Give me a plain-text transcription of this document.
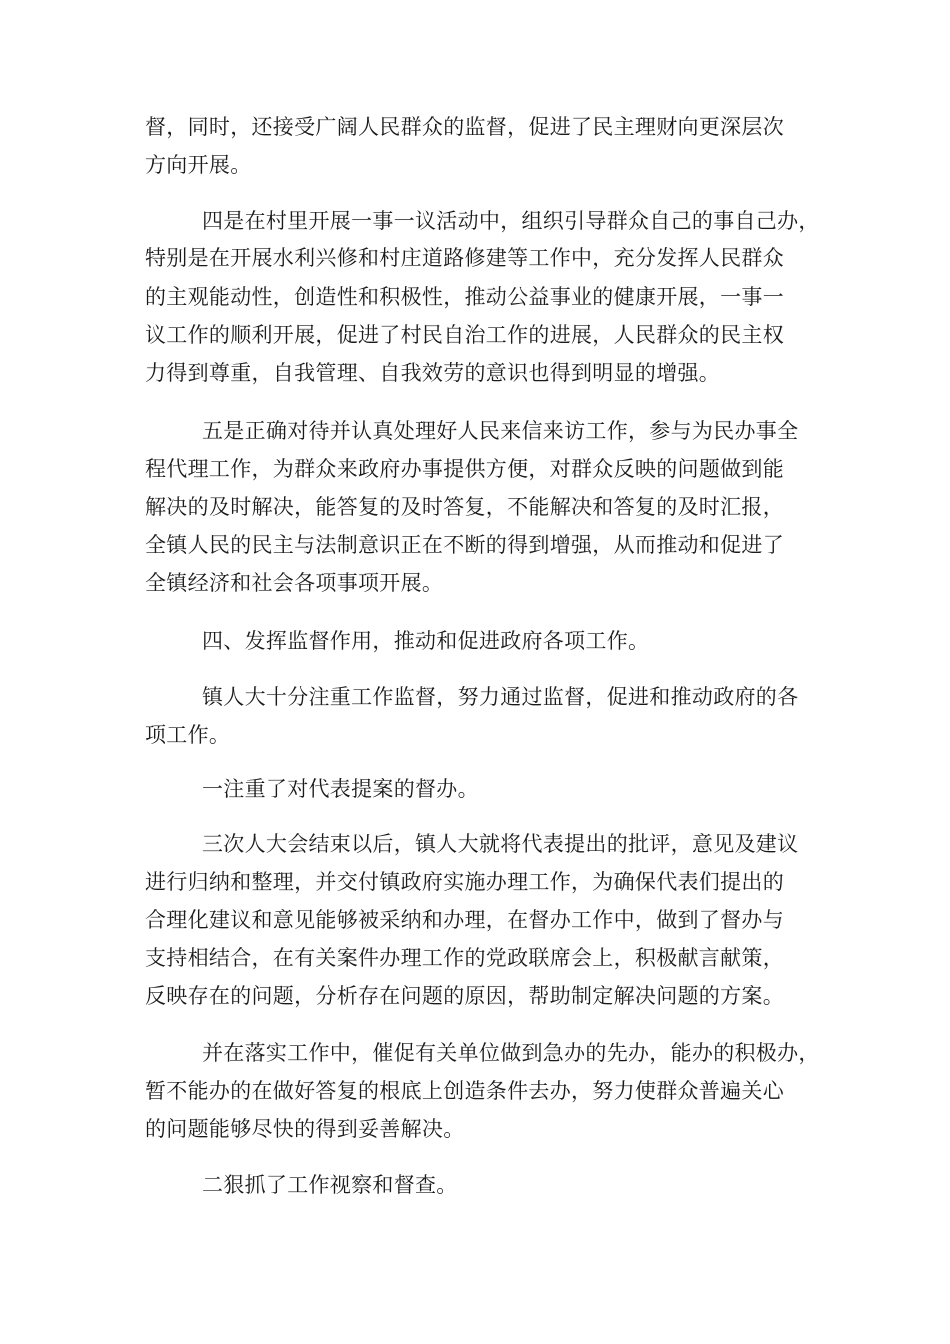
督，同时，还接受广阔人民群众的监督，促进了民主理财向更深层次

方向开展。

四是在村里开展一事一议活动中，组织引导群众自己的事自己办，

特别是在开展水利兴修和村庄道路修建等工作中，充分发挥人民群众

的主观能动性，创造性和积极性，推动公益事业的健康开展，一事一

议工作的顺利开展，促进了村民自治工作的进展，人民群众的民主权

力得到尊重，自我管理、自我效劳的意识也得到明显的增强。

五是正确对待并认真处理好人民来信来访工作，参与为民办事全

程代理工作，为群众来政府办事提供方便，对群众反映的问题做到能

解决的及时解决，能答复的及时答复，不能解决和答复的及时汇报，

全镇人民的民主与法制意识正在不断的得到增强，从而推动和促进了

全镇经济和社会各项事项开展。

四、发挥监督作用，推动和促进政府各项工作。

镇人大十分注重工作监督，努力通过监督，促进和推动政府的各

项工作。

一注重了对代表提案的督办。

三次人大会结束以后，镇人大就将代表提出的批评，意见及建议

进行归纳和整理，并交付镇政府实施办理工作，为确保代表们提出的

合理化建议和意见能够被采纳和办理，在督办工作中，做到了督办与

支持相结合，在有关案件办理工作的党政联席会上，积极献言献策，

反映存在的问题，分析存在问题的原因，帮助制定解决问题的方案。

并在落实工作中，催促有关单位做到急办的先办，能办的积极办，

暂不能办的在做好答复的根底上创造条件去办，努力使群众普遍关心

的问题能够尽快的得到妥善解决。

二狠抓了工作视察和督查。
